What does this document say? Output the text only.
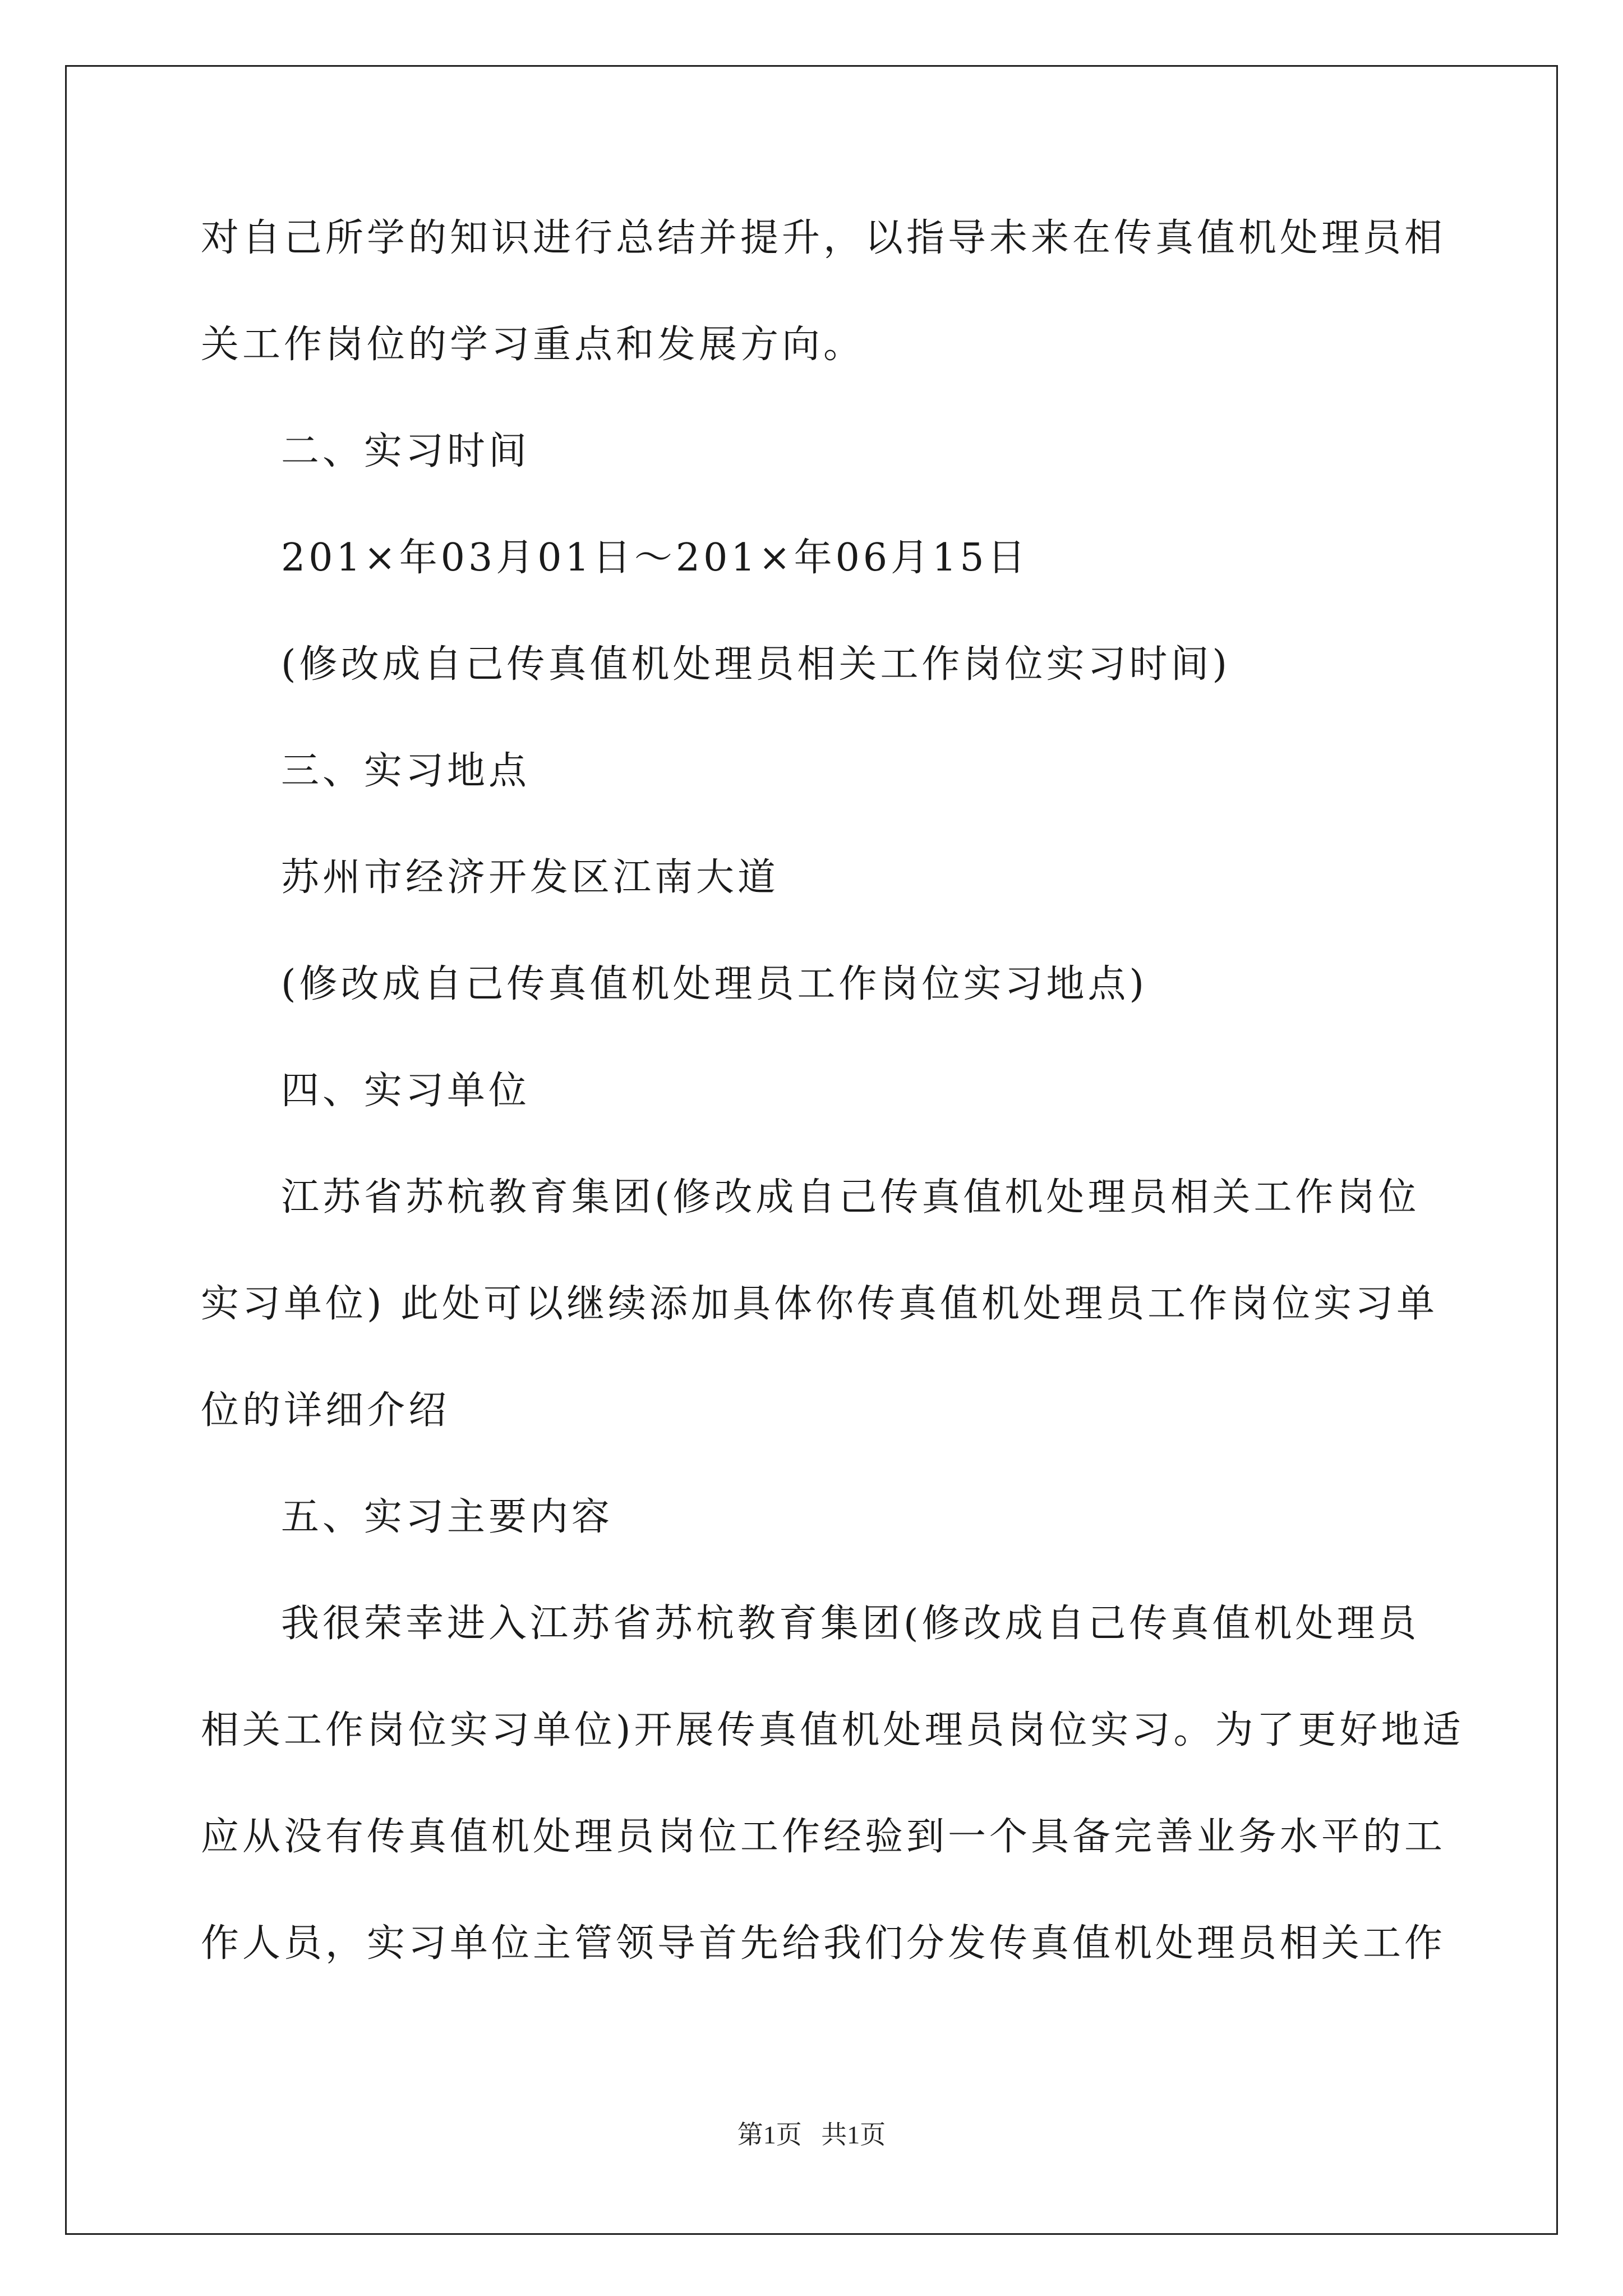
对自己所学的知识进行总结并提升，以指导未来在传真值机处理员相
关工作岗位的学习重点和发展方向。
二、实习时间
201×年03月01日～201×年06月15日
(修改成自己传真值机处理员相关工作岗位实习时间)
三、实习地点
苏州市经济开发区江南大道
(修改成自己传真值机处理员工作岗位实习地点)
四、实习单位
江苏省苏杭教育集团(修改成自己传真值机处理员相关工作岗位
实习单位) 此处可以继续添加具体你传真值机处理员工作岗位实习单
位的详细介绍
五、实习主要内容
我很荣幸进入江苏省苏杭教育集团(修改成自己传真值机处理员
相关工作岗位实习单位)开展传真值机处理员岗位实习。为了更好地适
应从没有传真值机处理员岗位工作经验到一个具备完善业务水平的工
作人员，实习单位主管领导首先给我们分发传真值机处理员相关工作
第1页   共1页
